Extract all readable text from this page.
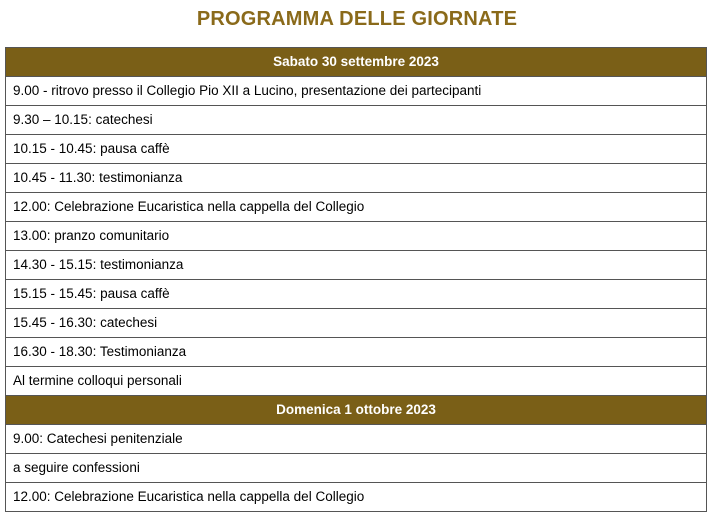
PROGRAMMA DELLE GIORNATE
Sabato 30 settembre 2023
9.00 - ritrovo presso il Collegio Pio XII a Lucino, presentazione dei partecipanti
9.30 – 10.15: catechesi
10.15 - 10.45: pausa caffè
10.45 - 11.30: testimonianza
12.00: Celebrazione Eucaristica nella cappella del Collegio
13.00: pranzo comunitario
14.30 - 15.15: testimonianza
15.15 - 15.45: pausa caffè
15.45 - 16.30: catechesi
16.30 - 18.30: Testimonianza
Al termine colloqui personali
Domenica 1 ottobre 2023
9.00: Catechesi penitenziale
a seguire confessioni
12.00: Celebrazione Eucaristica nella cappella del Collegio
